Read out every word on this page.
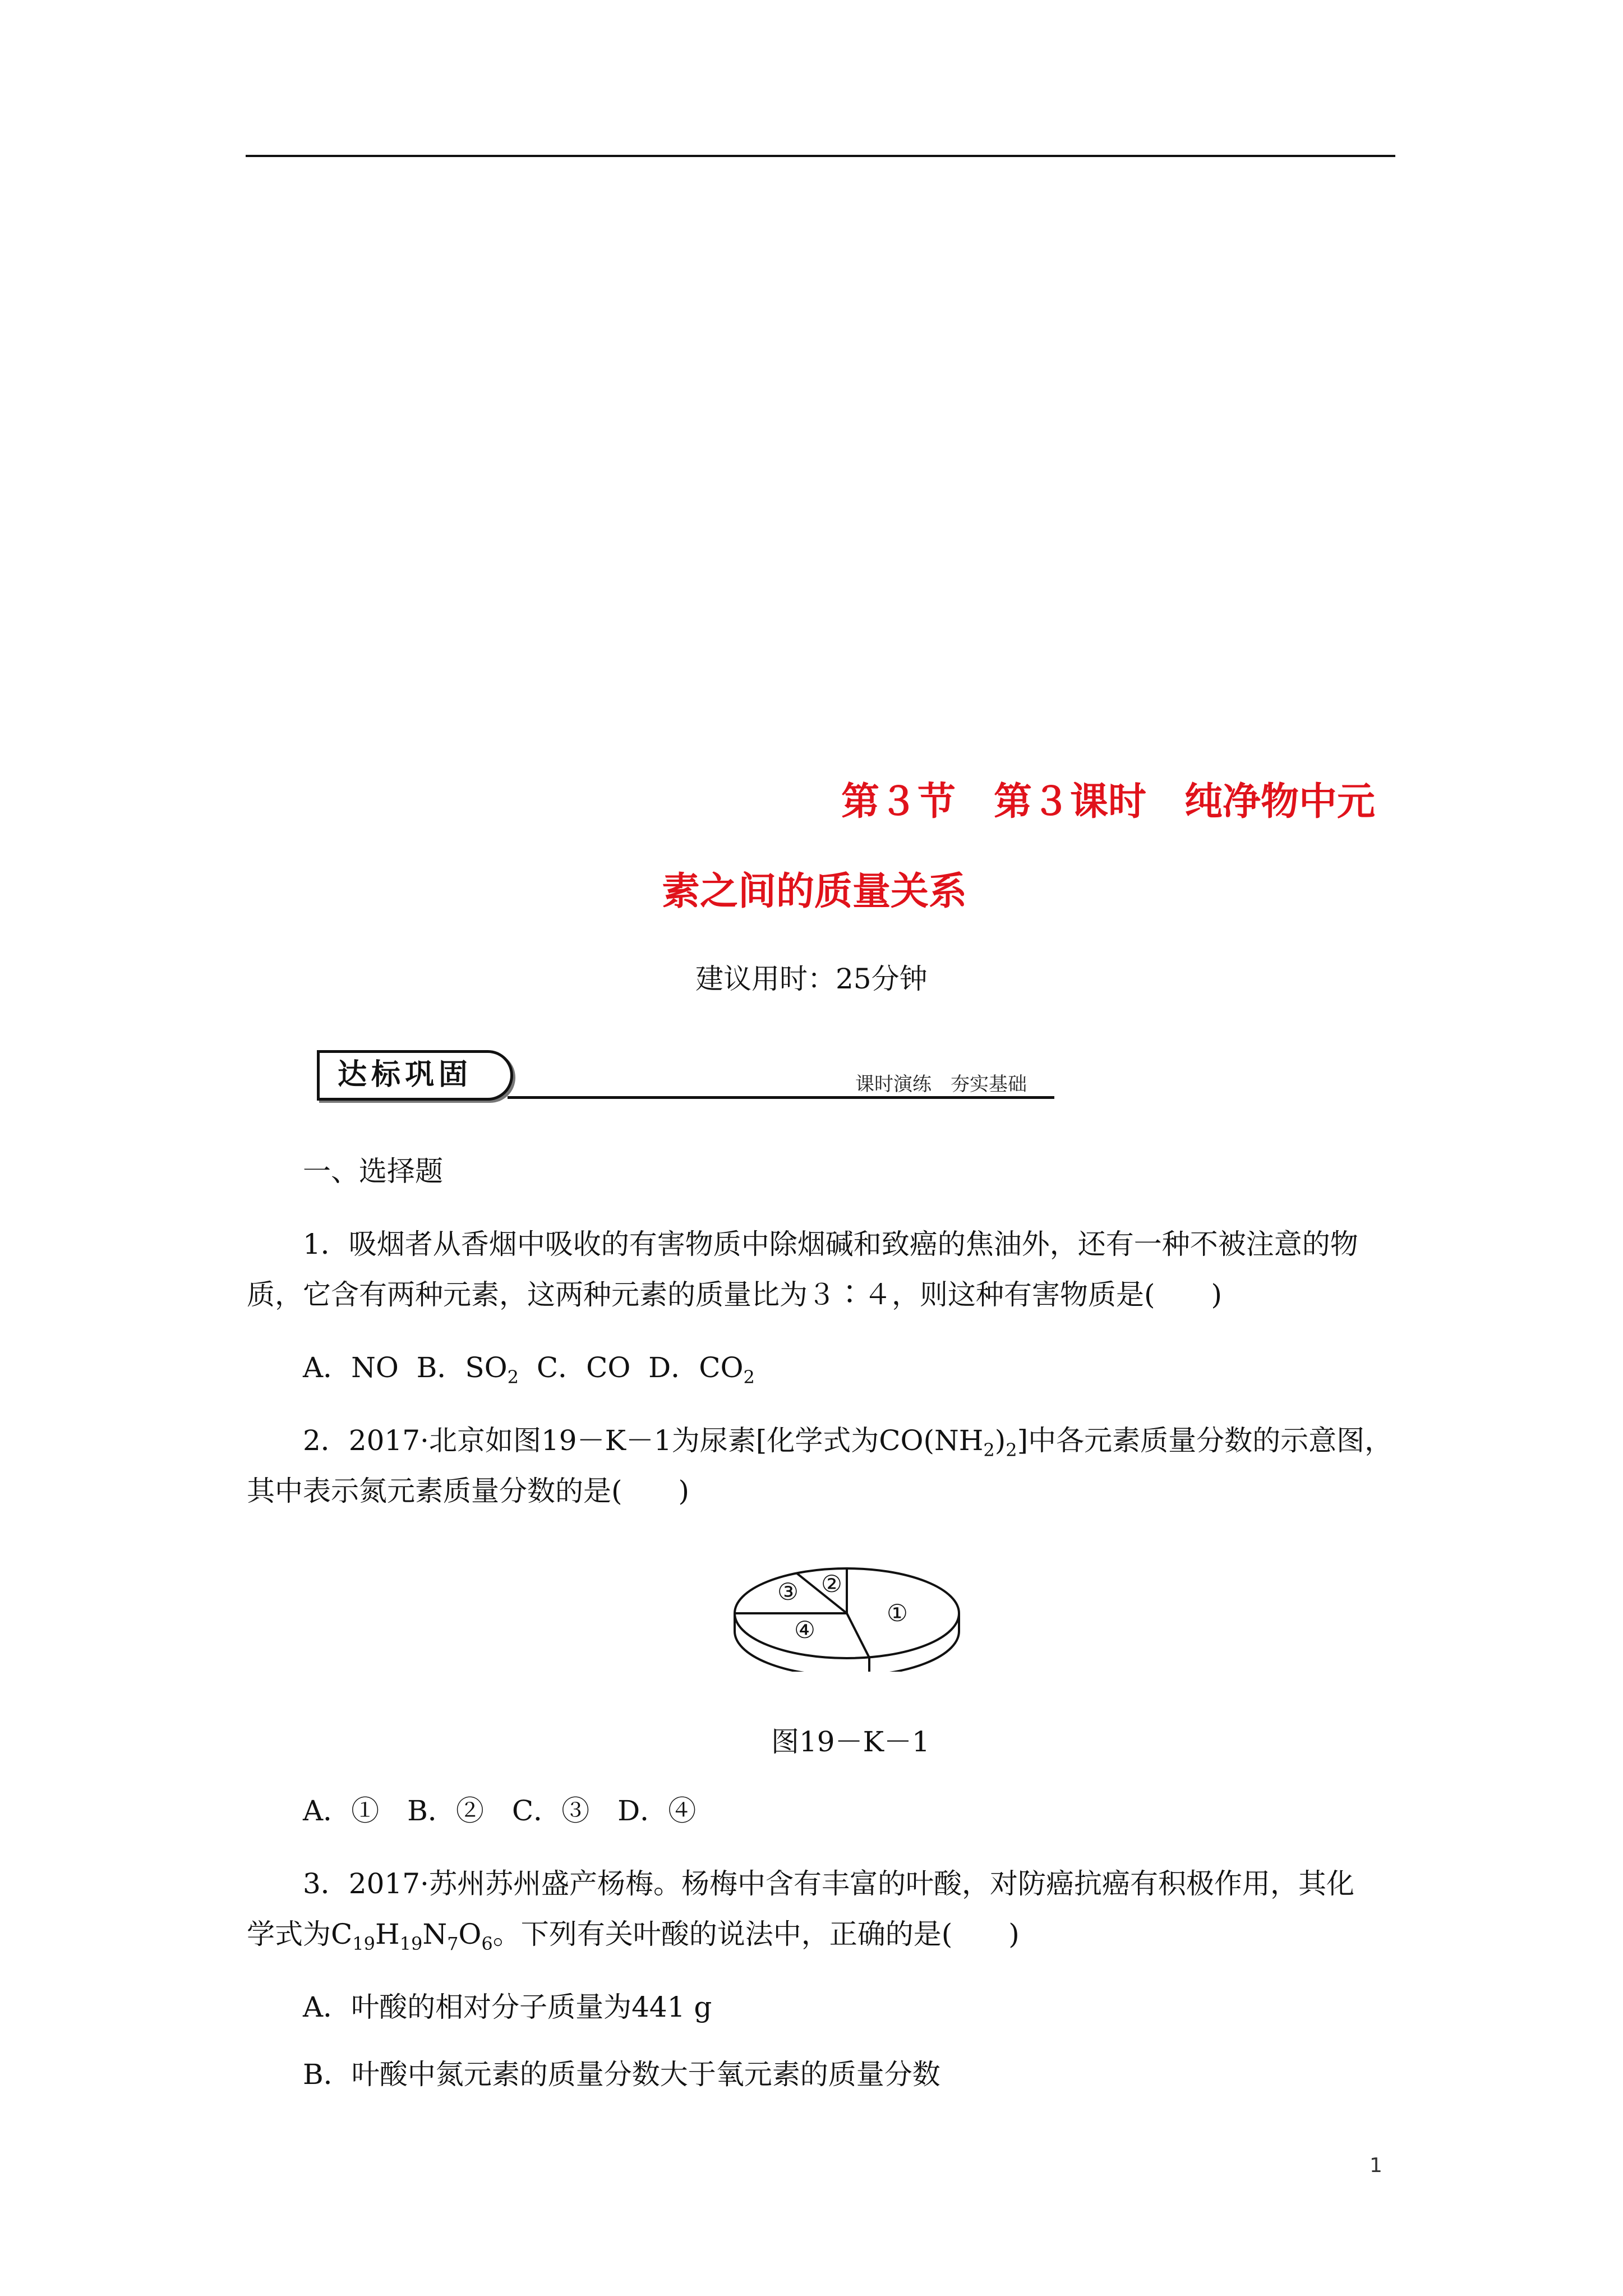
第３节　第３课时　纯净物中元
素之间的质量关系
建议用时：25分钟
达标巩固	课时演练　夯实基础
一、选择题
1．吸烟者从香烟中吸收的有害物质中除烟碱和致癌的焦油外，还有一种不被注意的物
质，它含有两种元素，这两种元素的质量比为３∶４，则这种有害物质是(　　)
A．NO B．$SO_2$ C．CO D．$CO_2$
2．2017·北京如图19－K－1为尿素[化学式为$CO(NH_2)_2$]中各元素质量分数的示意图，
其中表示氮元素质量分数的是(　　)
①
②
③
④
图19－K－1
A．①　B．②　C．③　D．④
3．2017·苏州苏州盛产杨梅。杨梅中含有丰富的叶酸，对防癌抗癌有积极作用，其化
学式为$C_{19}H_{19}N_7O_6$。下列有关叶酸的说法中，正确的是(　　)
A．叶酸的相对分子质量为441 g
B．叶酸中氮元素的质量分数大于氧元素的质量分数
1
